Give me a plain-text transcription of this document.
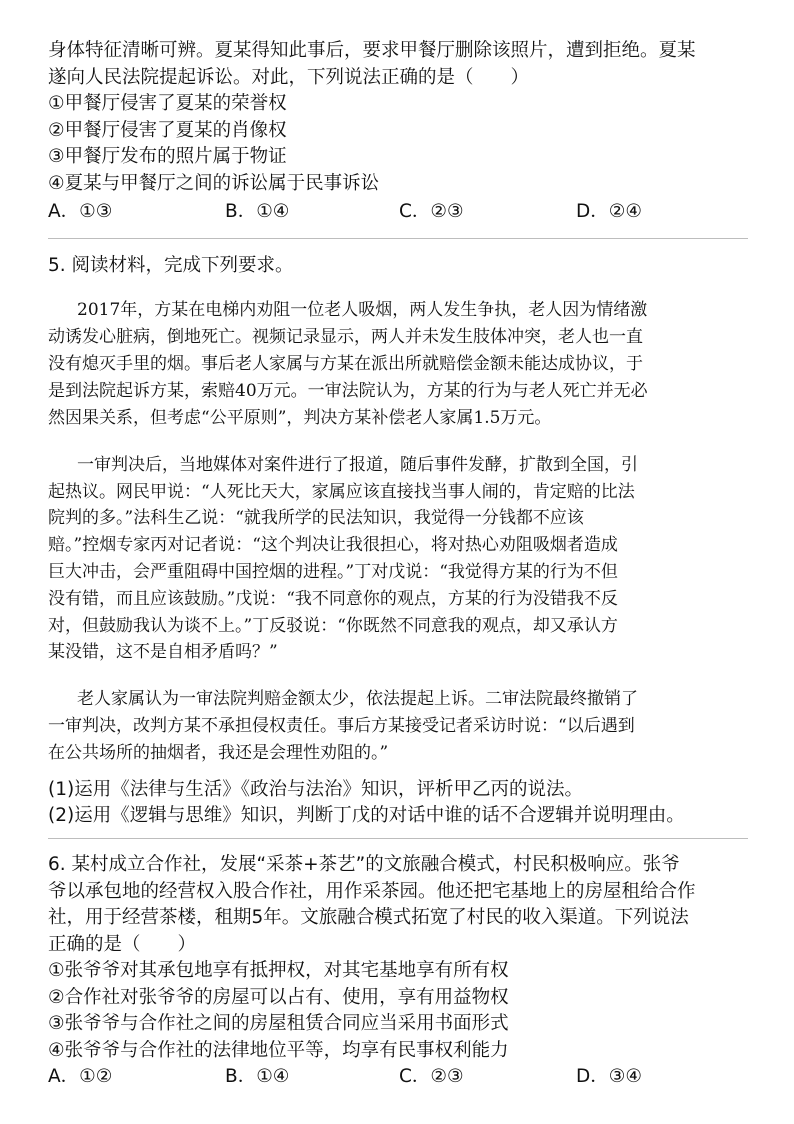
身体特征清晰可辨。夏某得知此事后，要求甲餐厅删除该照片，遭到拒绝。夏某
遂向人民法院提起诉讼。对此，下列说法正确的是（　　）
①甲餐厅侵害了夏某的荣誉权
②甲餐厅侵害了夏某的肖像权
③甲餐厅发布的照片属于物证
④夏某与甲餐厅之间的诉讼属于民事诉讼
A．①③	B．①④	C．②③	D．②④
5. 阅读材料，完成下列要求。
2017年，方某在电梯内劝阻一位老人吸烟，两人发生争执，老人因为情绪激
动诱发心脏病，倒地死亡。视频记录显示，两人并未发生肢体冲突，老人也一直
没有熄灭手里的烟。事后老人家属与方某在派出所就赔偿金额未能达成协议，于
是到法院起诉方某，索赔40万元。一审法院认为，方某的行为与老人死亡并无必
然因果关系，但考虑“公平原则”，判决方某补偿老人家属1.5万元。
一审判决后，当地媒体对案件进行了报道，随后事件发酵，扩散到全国，引
起热议。网民甲说：“人死比天大，家属应该直接找当事人闹的，肯定赔的比法
院判的多。”法科生乙说：“就我所学的民法知识，我觉得一分钱都不应该
赔。”控烟专家丙对记者说：“这个判决让我很担心，将对热心劝阻吸烟者造成
巨大冲击，会严重阻碍中国控烟的进程。”丁对戊说：“我觉得方某的行为不但
没有错，而且应该鼓励。”戊说：“我不同意你的观点，方某的行为没错我不反
对，但鼓励我认为谈不上。”丁反驳说：“你既然不同意我的观点，却又承认方
某没错，这不是自相矛盾吗？”
老人家属认为一审法院判赔金额太少，依法提起上诉。二审法院最终撤销了
一审判决，改判方某不承担侵权责任。事后方某接受记者采访时说：“以后遇到
在公共场所的抽烟者，我还是会理性劝阻的。”
(1)运用《法律与生活》《政治与法治》知识，评析甲乙丙的说法。
(2)运用《逻辑与思维》知识，判断丁戊的对话中谁的话不合逻辑并说明理由。
6. 某村成立合作社，发展“采茶+茶艺”的文旅融合模式，村民积极响应。张爷
爷以承包地的经营权入股合作社，用作采茶园。他还把宅基地上的房屋租给合作
社，用于经营茶楼，租期5年。文旅融合模式拓宽了村民的收入渠道。下列说法
正确的是（　　）
①张爷爷对其承包地享有抵押权，对其宅基地享有所有权
②合作社对张爷爷的房屋可以占有、使用，享有用益物权
③张爷爷与合作社之间的房屋租赁合同应当采用书面形式
④张爷爷与合作社的法律地位平等，均享有民事权利能力
A．①②	B．①④	C．②③	D．③④
